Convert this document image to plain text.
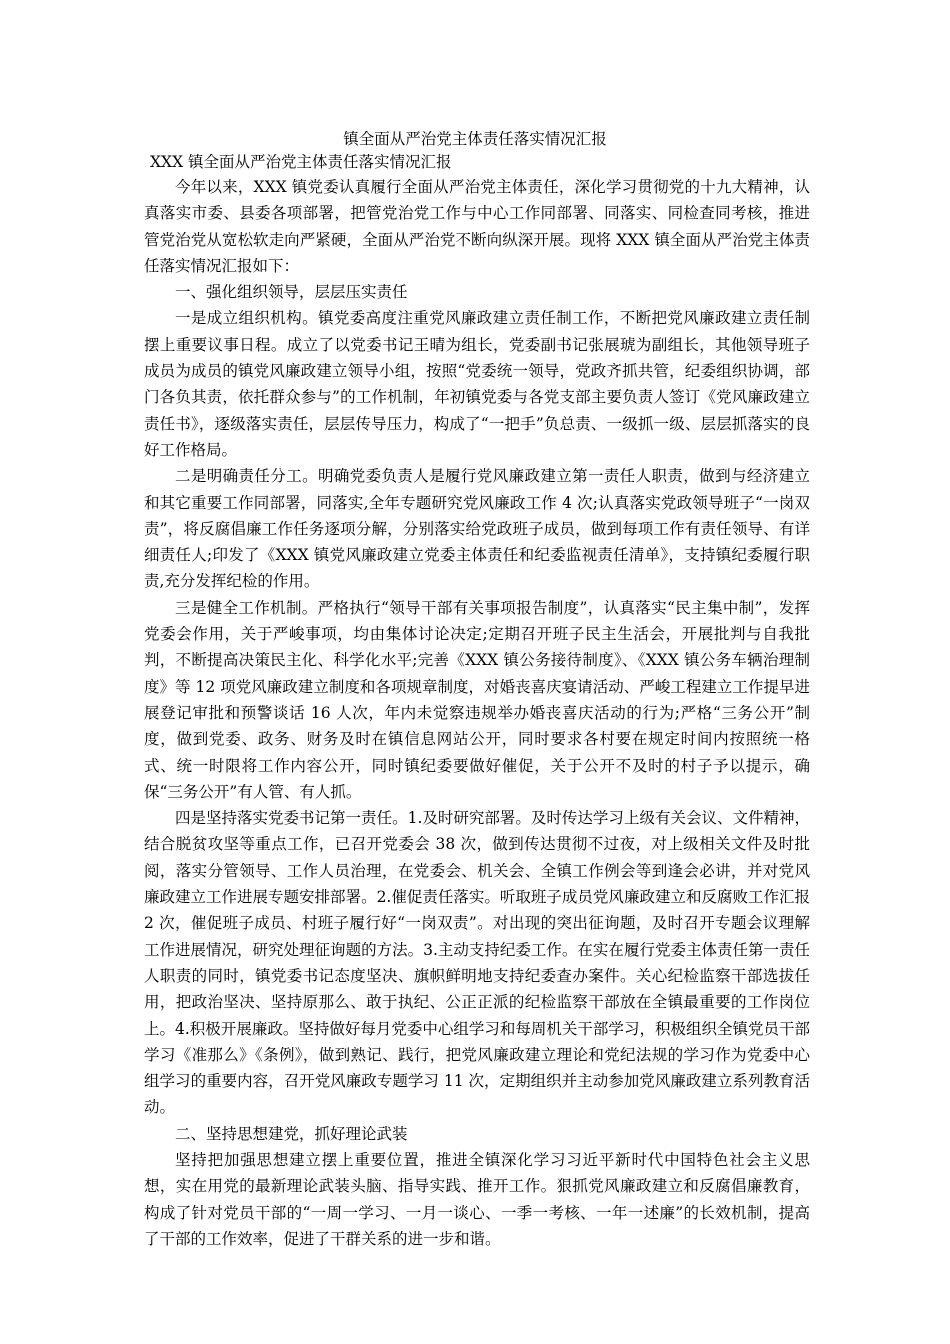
镇全面从严治党主体责任落实情况汇报
XXX 镇全面从严治党主体责任落实情况汇报

今年以来，XXX 镇党委认真履行全面从严治党主体责任，深化学习贯彻党的十九大精神，认真落实市委、县委各项部署，把管党治党工作与中心工作同部署、同落实、同检查同考核，推进管党治党从宽松软走向严紧硬，全面从严治党不断向纵深开展。现将 XXX 镇全面从严治党主体责任落实情况汇报如下：

一、强化组织领导，层层压实责任

一是成立组织机构。镇党委高度注重党风廉政建立责任制工作，不断把党风廉政建立责任制摆上重要议事日程。成立了以党委书记王晴为组长，党委副书记张展琥为副组长，其他领导班子成员为成员的镇党风廉政建立领导小组，按照“党委统一领导，党政齐抓共管，纪委组织协调，部门各负其责，依托群众参与”的工作机制，年初镇党委与各党支部主要负责人签订《党风廉政建立责任书》，逐级落实责任，层层传导压力，构成了“一把手”负总责、一级抓一级、层层抓落实的良好工作格局。

二是明确责任分工。明确党委负责人是履行党风廉政建立第一责任人职责，做到与经济建立和其它重要工作同部署，同落实,全年专题研究党风廉政工作 4 次;认真落实党政领导班子“一岗双责”，将反腐倡廉工作任务逐项分解，分别落实给党政班子成员，做到每项工作有责任领导、有详细责任人;印发了《XXX 镇党风廉政建立党委主体责任和纪委监视责任清单》，支持镇纪委履行职责,充分发挥纪检的作用。

三是健全工作机制。严格执行“领导干部有关事项报告制度”，认真落实“民主集中制”，发挥党委会作用，关于严峻事项，均由集体讨论决定;定期召开班子民主生活会，开展批判与自我批判，不断提高决策民主化、科学化水平;完善《XXX 镇公务接待制度》、《XXX 镇公务车辆治理制度》等 12 项党风廉政建立制度和各项规章制度，对婚丧喜庆宴请活动、严峻工程建立工作提早进展登记审批和预警谈话 16 人次，年内未觉察违规举办婚丧喜庆活动的行为;严格“三务公开”制度，做到党委、政务、财务及时在镇信息网站公开，同时要求各村要在规定时间内按照统一格式、统一时限将工作内容公开，同时镇纪委要做好催促，关于公开不及时的村子予以提示，确保“三务公开”有人管、有人抓。

四是坚持落实党委书记第一责任。1.及时研究部署。及时传达学习上级有关会议、文件精神，结合脱贫攻坚等重点工作，已召开党委会 38 次，做到传达贯彻不过夜，对上级相关文件及时批阅，落实分管领导、工作人员治理，在党委会、机关会、全镇工作例会等到逢会必讲，并对党风廉政建立工作进展专题安排部署。2.催促责任落实。听取班子成员党风廉政建立和反腐败工作汇报 2 次，催促班子成员、村班子履行好“一岗双责”。对出现的突出征询题，及时召开专题会议理解工作进展情况，研究处理征询题的方法。3.主动支持纪委工作。在实在履行党委主体责任第一责任人职责的同时，镇党委书记态度坚决、旗帜鲜明地支持纪委查办案件。关心纪检监察干部选拔任用，把政治坚决、坚持原那么、敢于执纪、公正正派的纪检监察干部放在全镇最重要的工作岗位上。4.积极开展廉政。坚持做好每月党委中心组学习和每周机关干部学习，积极组织全镇党员干部学习《准那么》《条例》，做到熟记、践行，把党风廉政建立理论和党纪法规的学习作为党委中心组学习的重要内容，召开党风廉政专题学习 11 次，定期组织并主动参加党风廉政建立系列教育活动。

二、坚持思想建党，抓好理论武装

坚持把加强思想建立摆上重要位置，推进全镇深化学习习近平新时代中国特色社会主义思想，实在用党的最新理论武装头脑、指导实践、推开工作。狠抓党风廉政建立和反腐倡廉教育，构成了针对党员干部的“一周一学习、一月一谈心、一季一考核、一年一述廉”的长效机制，提高了干部的工作效率，促进了干群关系的进一步和谐。
